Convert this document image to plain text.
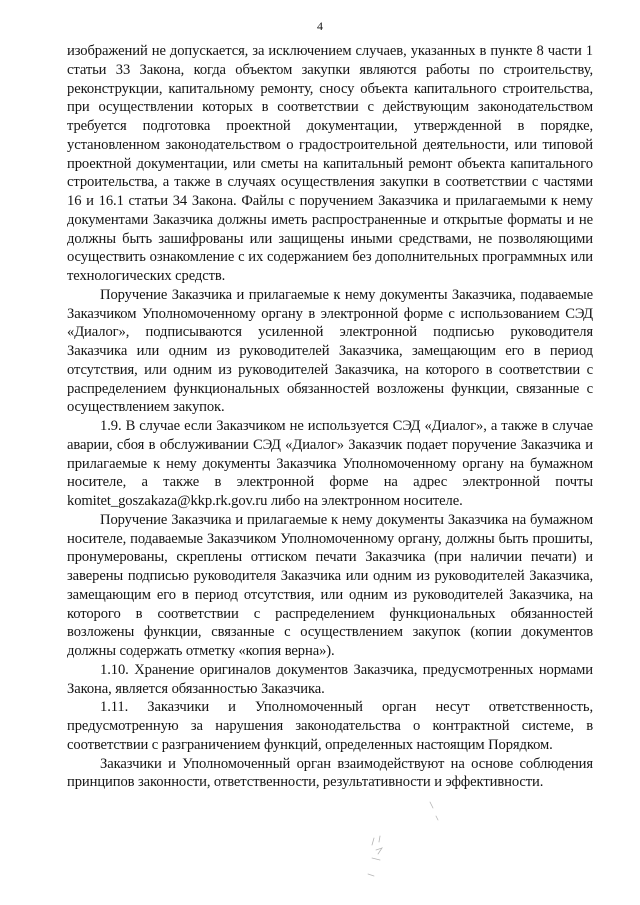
4

изображений не допускается, за исключением случаев, указанных в пункте 8 части 1 статьи 33 Закона, когда объектом закупки являются работы по строительству, реконструкции, капитальному ремонту, сносу объекта капитального строительства, при осуществлении которых в соответствии с действующим законодательством требуется подготовка проектной документации, утвержденной в порядке, установленном законодательством о градостроительной деятельности, или типовой проектной документации, или сметы на капитальный ремонт объекта капитального строительства, а также в случаях осуществления закупки в соответствии с частями 16 и 16.1 статьи 34 Закона. Файлы с поручением Заказчика и прилагаемыми к нему документами Заказчика должны иметь распространенные и открытые форматы и не должны быть зашифрованы или защищены иными средствами, не позволяющими осуществить ознакомление с их содержанием без дополнительных программных или технологических средств.

Поручение Заказчика и прилагаемые к нему документы Заказчика, подаваемые Заказчиком Уполномоченному органу в электронной форме с использованием СЭД «Диалог», подписываются усиленной электронной подписью руководителя Заказчика или одним из руководителей Заказчика, замещающим его в период отсутствия, или одним из руководителей Заказчика, на которого в соответствии с распределением функциональных обязанностей возложены функции, связанные с осуществлением закупок.

1.9. В случае если Заказчиком не используется СЭД «Диалог», а также в случае аварии, сбоя в обслуживании СЭД «Диалог» Заказчик подает поручение Заказчика и прилагаемые к нему документы Заказчика Уполномоченному органу на бумажном носителе, а также в электронной форме на адрес электронной почты komitet_goszakaza@kkp.rk.gov.ru либо на электронном носителе.

Поручение Заказчика и прилагаемые к нему документы Заказчика на бумажном носителе, подаваемые Заказчиком Уполномоченному органу, должны быть прошиты, пронумерованы, скреплены оттиском печати Заказчика (при наличии печати) и заверены подписью руководителя Заказчика или одним из руководителей Заказчика, замещающим его в период отсутствия, или одним из руководителей Заказчика, на которого в соответствии с распределением функциональных обязанностей возложены функции, связанные с осуществлением закупок (копии документов должны содержать отметку «копия верна»).

1.10. Хранение оригиналов документов Заказчика, предусмотренных нормами Закона, является обязанностью Заказчика.

1.11. Заказчики и Уполномоченный орган несут ответственность, предусмотренную за нарушения законодательства о контрактной системе, в соответствии с разграничением функций, определенных настоящим Порядком.

Заказчики и Уполномоченный орган взаимодействуют на основе соблюдения принципов законности, ответственности, результативности и эффективности.
